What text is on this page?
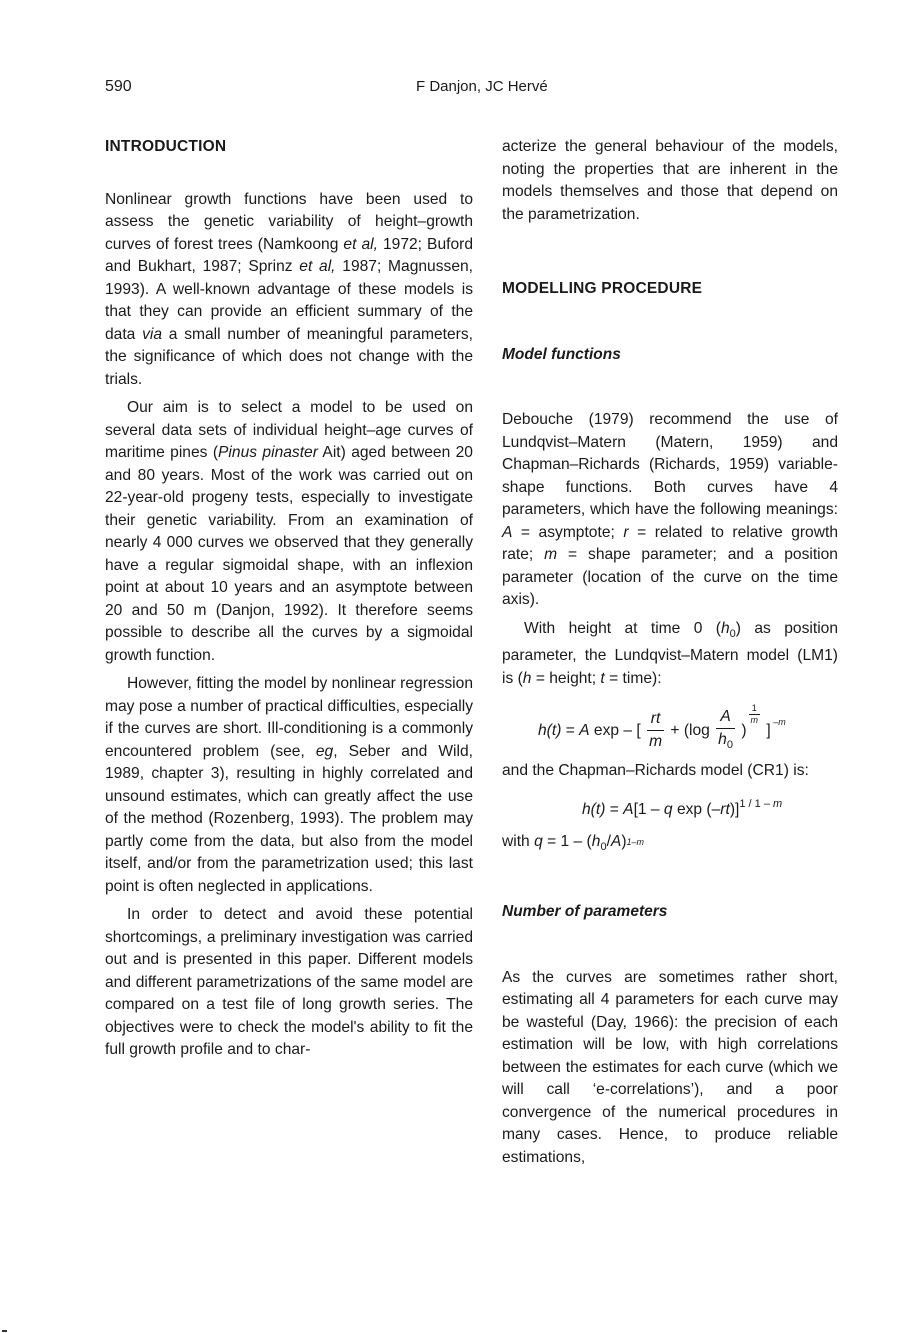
590	F Danjon, JC Hervé
INTRODUCTION

Nonlinear growth functions have been used to assess the genetic variability of height–growth curves of forest trees (Namkoong et al, 1972; Buford and Bukhart, 1987; Sprinz et al, 1987; Magnussen, 1993). A well-known advantage of these models is that they can provide an efficient summary of the data via a small number of meaningful parameters, the significance of which does not change with the trials.

Our aim is to select a model to be used on several data sets of individual height–age curves of maritime pines (Pinus pinaster Ait) aged between 20 and 80 years. Most of the work was carried out on 22-year-old progeny tests, especially to investigate their genetic variability. From an examination of nearly 4 000 curves we observed that they generally have a regular sigmoidal shape, with an inflexion point at about 10 years and an asymptote between 20 and 50 m (Danjon, 1992). It therefore seems possible to describe all the curves by a sigmoidal growth function.

However, fitting the model by nonlinear regression may pose a number of practical difficulties, especially if the curves are short. Ill-conditioning is a commonly encountered problem (see, eg, Seber and Wild, 1989, chapter 3), resulting in highly correlated and unsound estimates, which can greatly affect the use of the method (Rozenberg, 1993). The problem may partly come from the data, but also from the model itself, and/or from the parametrization used; this last point is often neglected in applications.

In order to detect and avoid these potential shortcomings, a preliminary investigation was carried out and is presented in this paper. Different models and different parametrizations of the same model are compared on a test file of long growth series. The objectives were to check the model's ability to fit the full growth profile and to char-

acterize the general behaviour of the models, noting the properties that are inherent in the models themselves and those that depend on the parametrization.

MODELLING PROCEDURE
Model functions

Debouche (1979) recommend the use of Lundqvist–Matern (Matern, 1959) and Chapman–Richards (Richards, 1959) variable-shape functions. Both curves have 4 parameters, which have the following meanings: A = asymptote; r = related to relative growth rate; m = shape parameter; and a position parameter (location of the curve on the time axis).

With height at time 0 $(h_0)$ as position parameter, the Lundqvist–Matern model (LM1) is (h = height; t = time):

h(t) = A exp – [ $\frac{rt}{m} + (\log \frac{A}{h_0}$ )
$\frac{1}{m}$
] $^{-m}$

and the Chapman–Richards model (CR1) is:

h(t) = A[1 – q exp (–rt)]$^{1 / 1 - m}$

with $q = 1 - (h_0/A)1-m$

Number of parameters

As the curves are sometimes rather short, estimating all 4 parameters for each curve may be wasteful (Day, 1966): the precision of each estimation will be low, with high correlations between the estimates for each curve (which we will call ‘e-correlations’), and a poor convergence of the numerical procedures in many cases. Hence, to produce reliable estimations,
